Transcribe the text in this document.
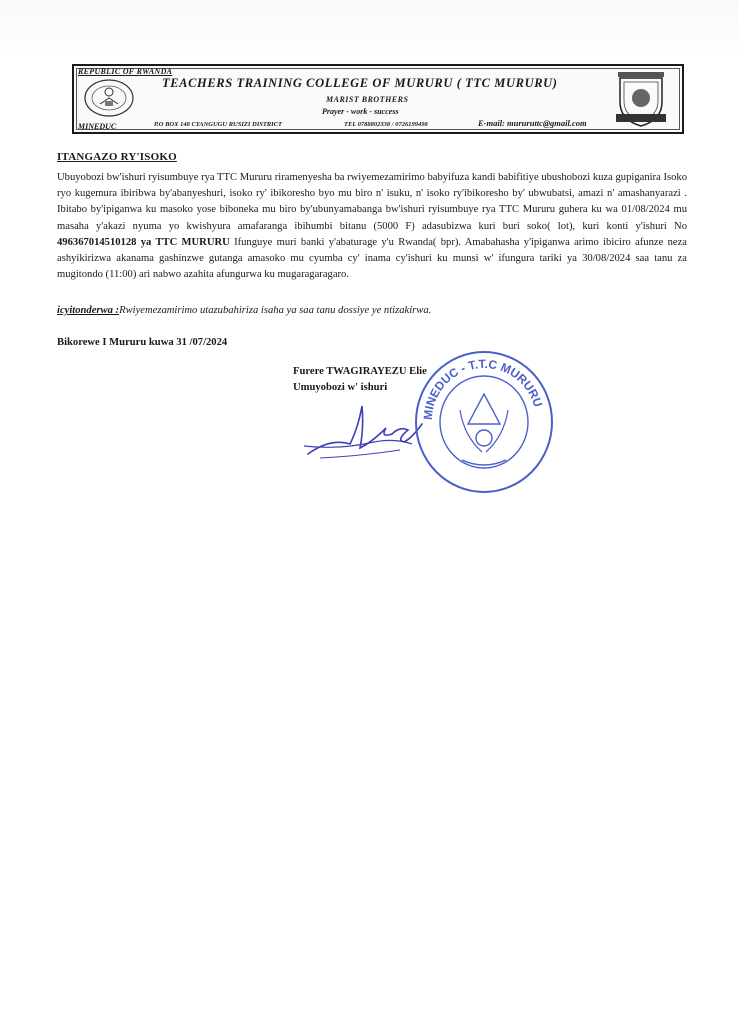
REPUBLIC OF RWANDA
TEACHERS TRAINING COLLEGE OF MURURU ( TTC MURURU)
MARIST BROTHERS
Prayer - work - success
MINEDUC	P.O BOX 148 CYANGUGU RUSIZI DISTRICT	TEL 0788802338 / 0726199498	E-mail: mururuttc@gmail.com
ITANGAZO RY'ISOKO

Ubuyobozi bw'ishuri ryisumbuye rya TTC Mururu riramenyesha ba rwiyemezamirimo babyifuza kandi babifitiye ubushobozi kuza gupiganira Isoko ryo kugemura ibiribwa by'abanyeshuri, isoko ry' ibikoresho byo mu biro n' isuku, n' isoko ry'ibikoresho by' ubwubatsi, amazi n' amashanyarazi . Ibitabo by'ipiganwa ku masoko yose biboneka mu biro by'ubunyamabanga bw'ishuri ryisumbuye rya TTC Mururu guhera ku wa 01/08/2024 mu masaha y'akazi nyuma yo kwishyura amafaranga ibihumbi bitanu (5000 F) adasubizwa kuri buri soko( lot), kuri konti y'ishuri No 496367014510128 ya TTC MURURU Ifunguye muri banki y'abaturage y'u Rwanda( bpr). Amabahasha y'ipiganwa arimo ibiciro afunze neza ashyikirizwa akanama gashinzwe gutanga amasoko mu cyumba cy' inama cy'ishuri ku munsi w' ifungura tariki ya 30/08/2024 saa tanu za mugitondo (11:00) ari nabwo azahita afungurwa ku mugaragaragaro.

icyitonderwa :Rwiyemezamirimo utazubahiriza isaha ya saa tanu dossiye ye ntizakirwa.
Bikorewe I Mururu kuwa 31 /07/2024
Furere TWAGIRAYEZU Elie
Umuyobozi w' ishuri
MINEDUC - T.T.C MURURU
